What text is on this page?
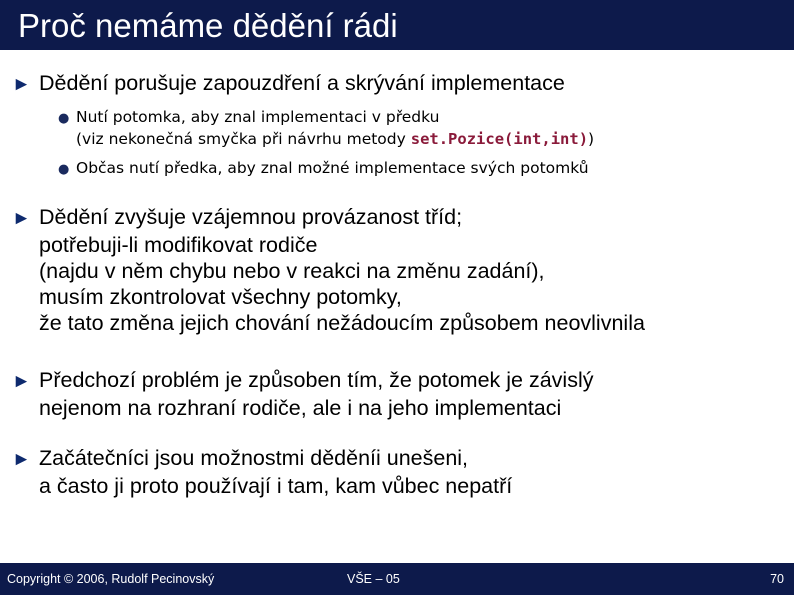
Proč nemáme dědění rádi
► Dědění porušuje zapouzdření a skrývání implementace
● Nutí potomka, aby znal implementaci v předku
(viz nekonečná smyčka při návrhu metody set.Pozice(int,int))
● Občas nutí předka, aby znal možné implementace svých potomků
► Dědění zvyšuje vzájemnou provázanost tříd;
potřebuji-li modifikovat rodiče
(najdu v něm chybu nebo v reakci na změnu zadání),
musím zkontrolovat všechny potomky,
že tato změna jejich chování nežádoucím způsobem neovlivnila
► Předchozí problém je způsoben tím, že potomek je závislý
nejenom na rozhraní rodiče, ale i na jeho implementaci
► Začátečníci jsou možnostmi děděníi unešeni,
a často ji proto používají i tam, kam vůbec nepatří
Copyright © 2006, Rudolf Pecinovský	VŠE – 05	70
